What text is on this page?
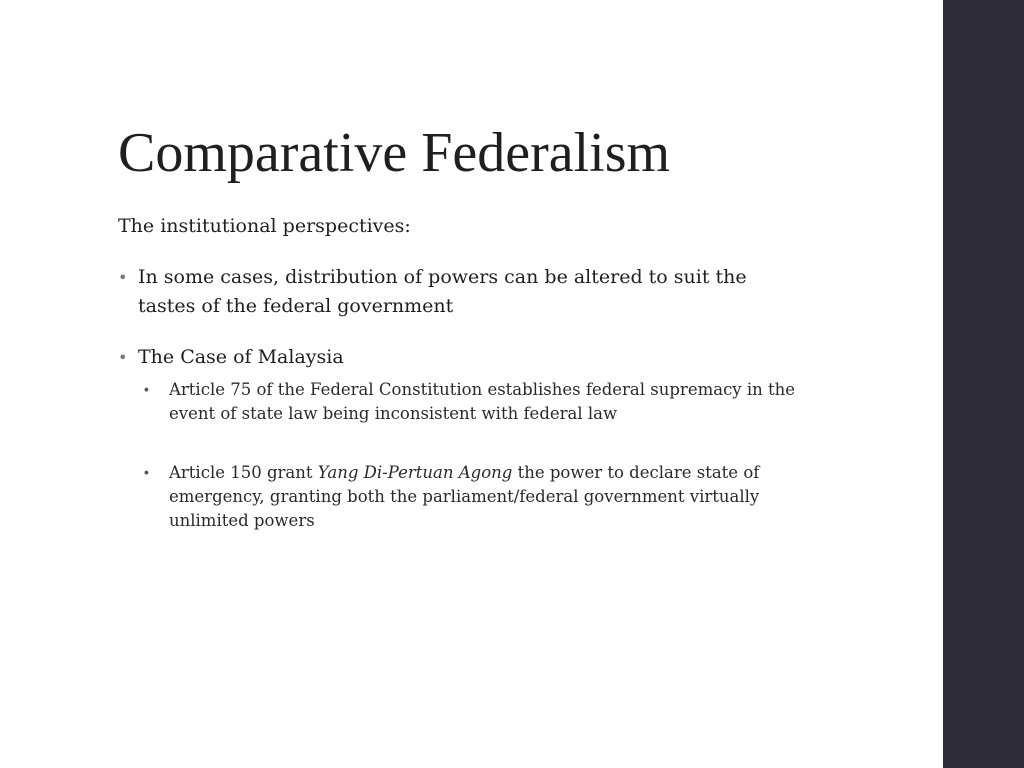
Comparative Federalism

The institutional perspectives:

• In some cases, distribution of powers can be altered to suit the tastes of the federal government
• The Case of Malaysia
∙ Article 75 of the Federal Constitution establishes federal supremacy in the event of state law being inconsistent with federal law
∙ Article 150 grant Yang Di-Pertuan Agong the power to declare state of emergency, granting both the parliament/federal government virtually unlimited powers
